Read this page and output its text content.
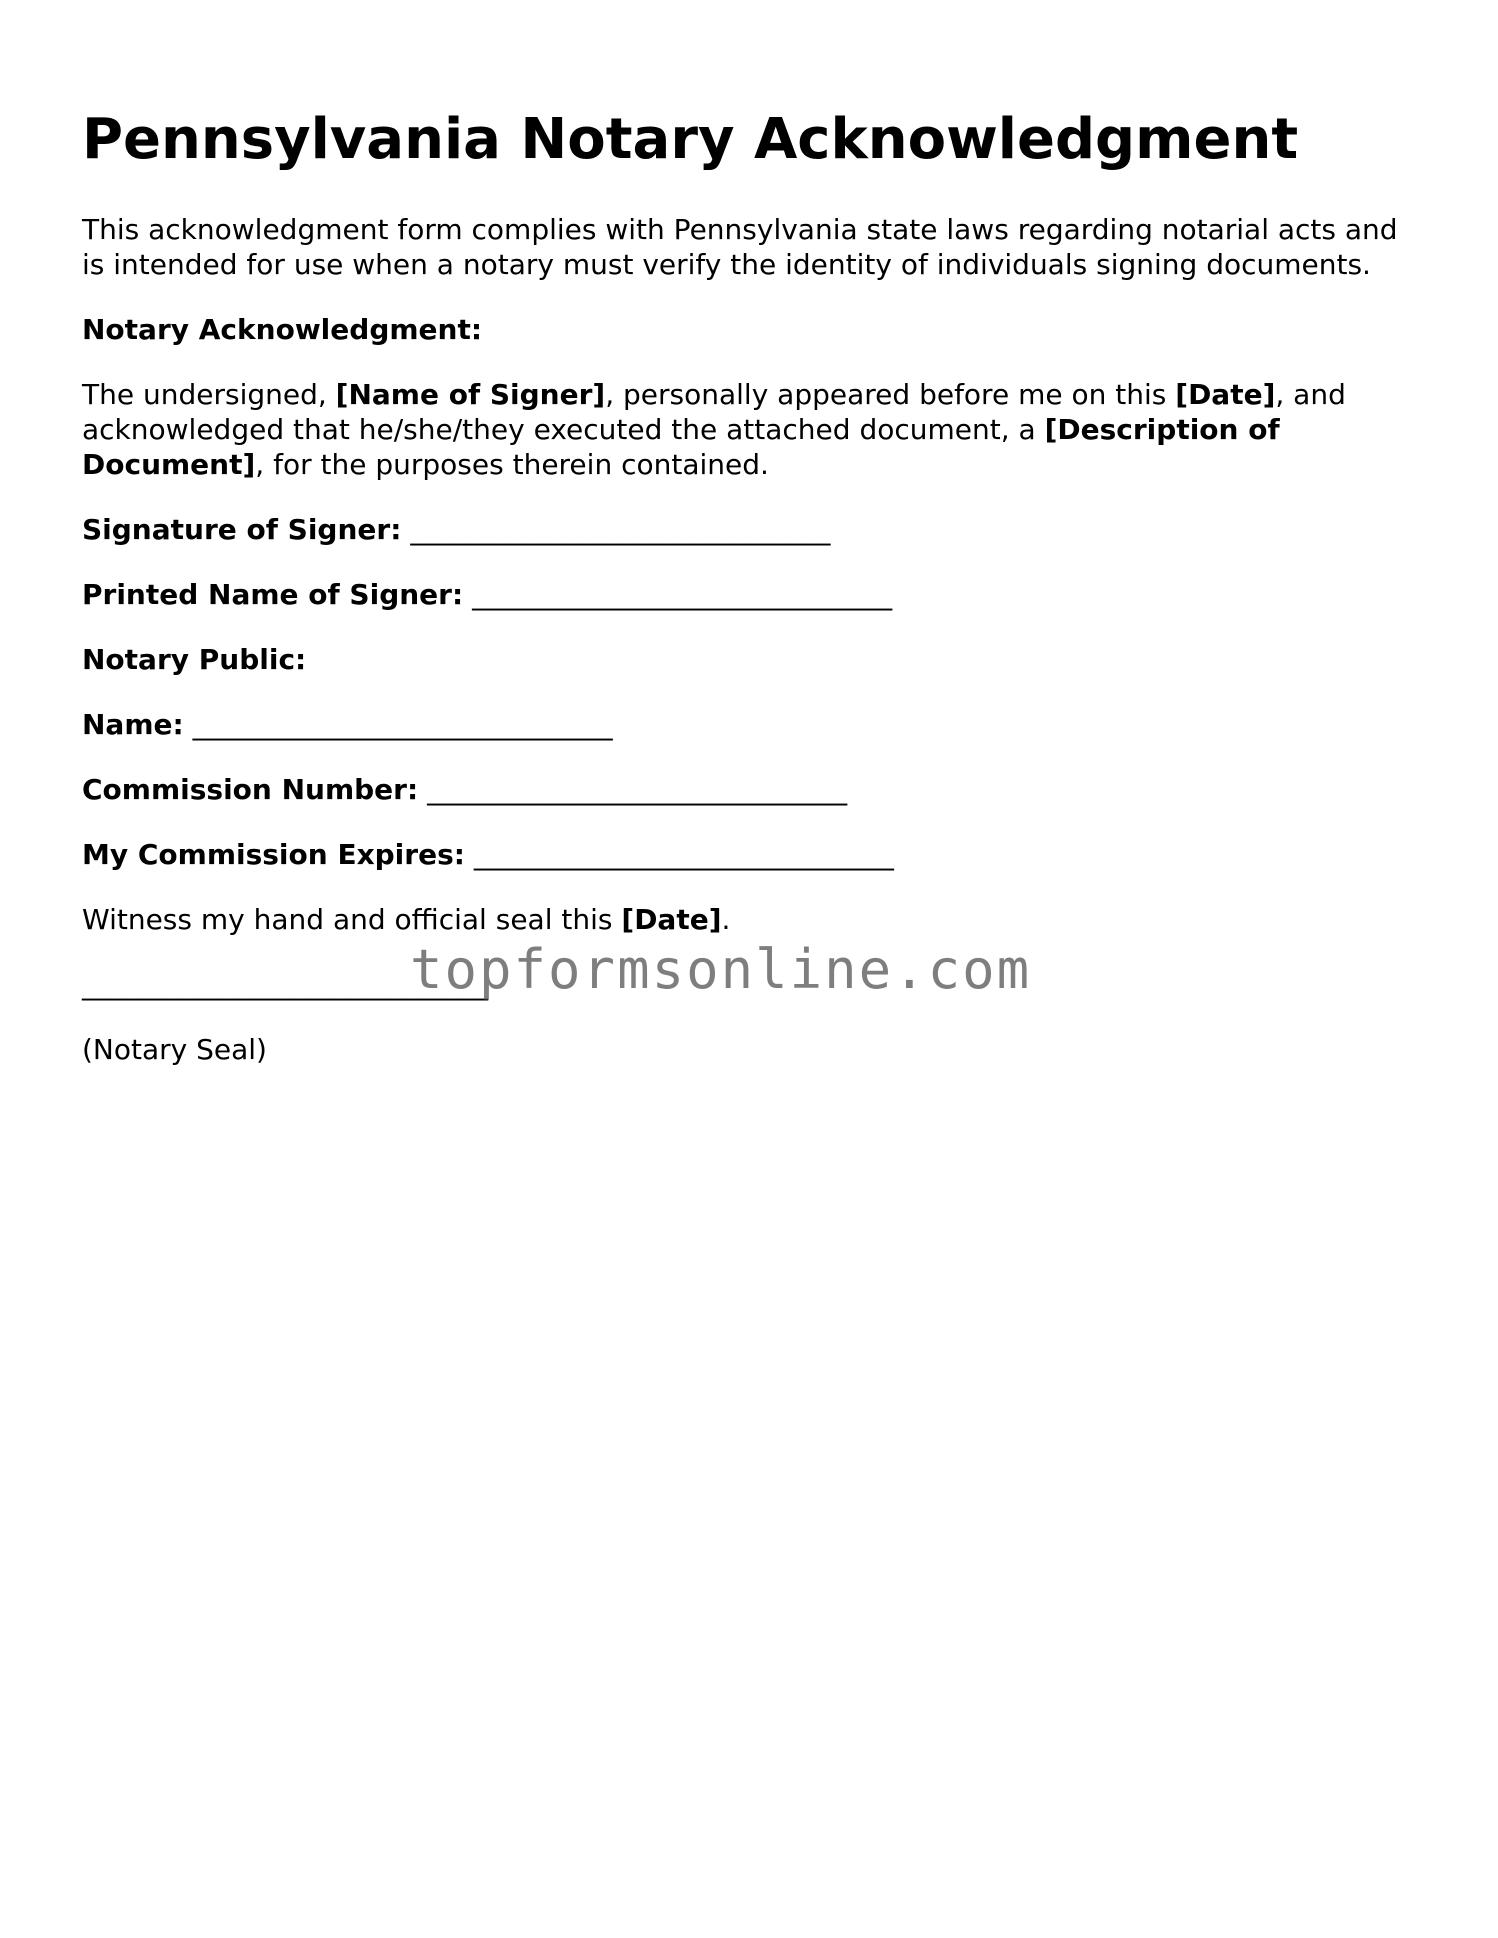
Pennsylvania Notary Acknowledgment

This acknowledgment form complies with Pennsylvania state laws regarding notarial acts and is intended for use when a notary must verify the identity of individuals signing documents.

Notary Acknowledgment:

The undersigned, [Name of Signer], personally appeared before me on this [Date], and acknowledged that he/she/they executed the attached document, a [Description of Document], for the purposes therein contained.

Signature of Signer: ______________________________
Printed Name of Signer: ______________________________
Notary Public:
Name: ______________________________
Commission Number: ______________________________
My Commission Expires: ______________________________

Witness my hand and official seal this [Date].

_____________________________

(Notary Seal)

topformsonline.com
